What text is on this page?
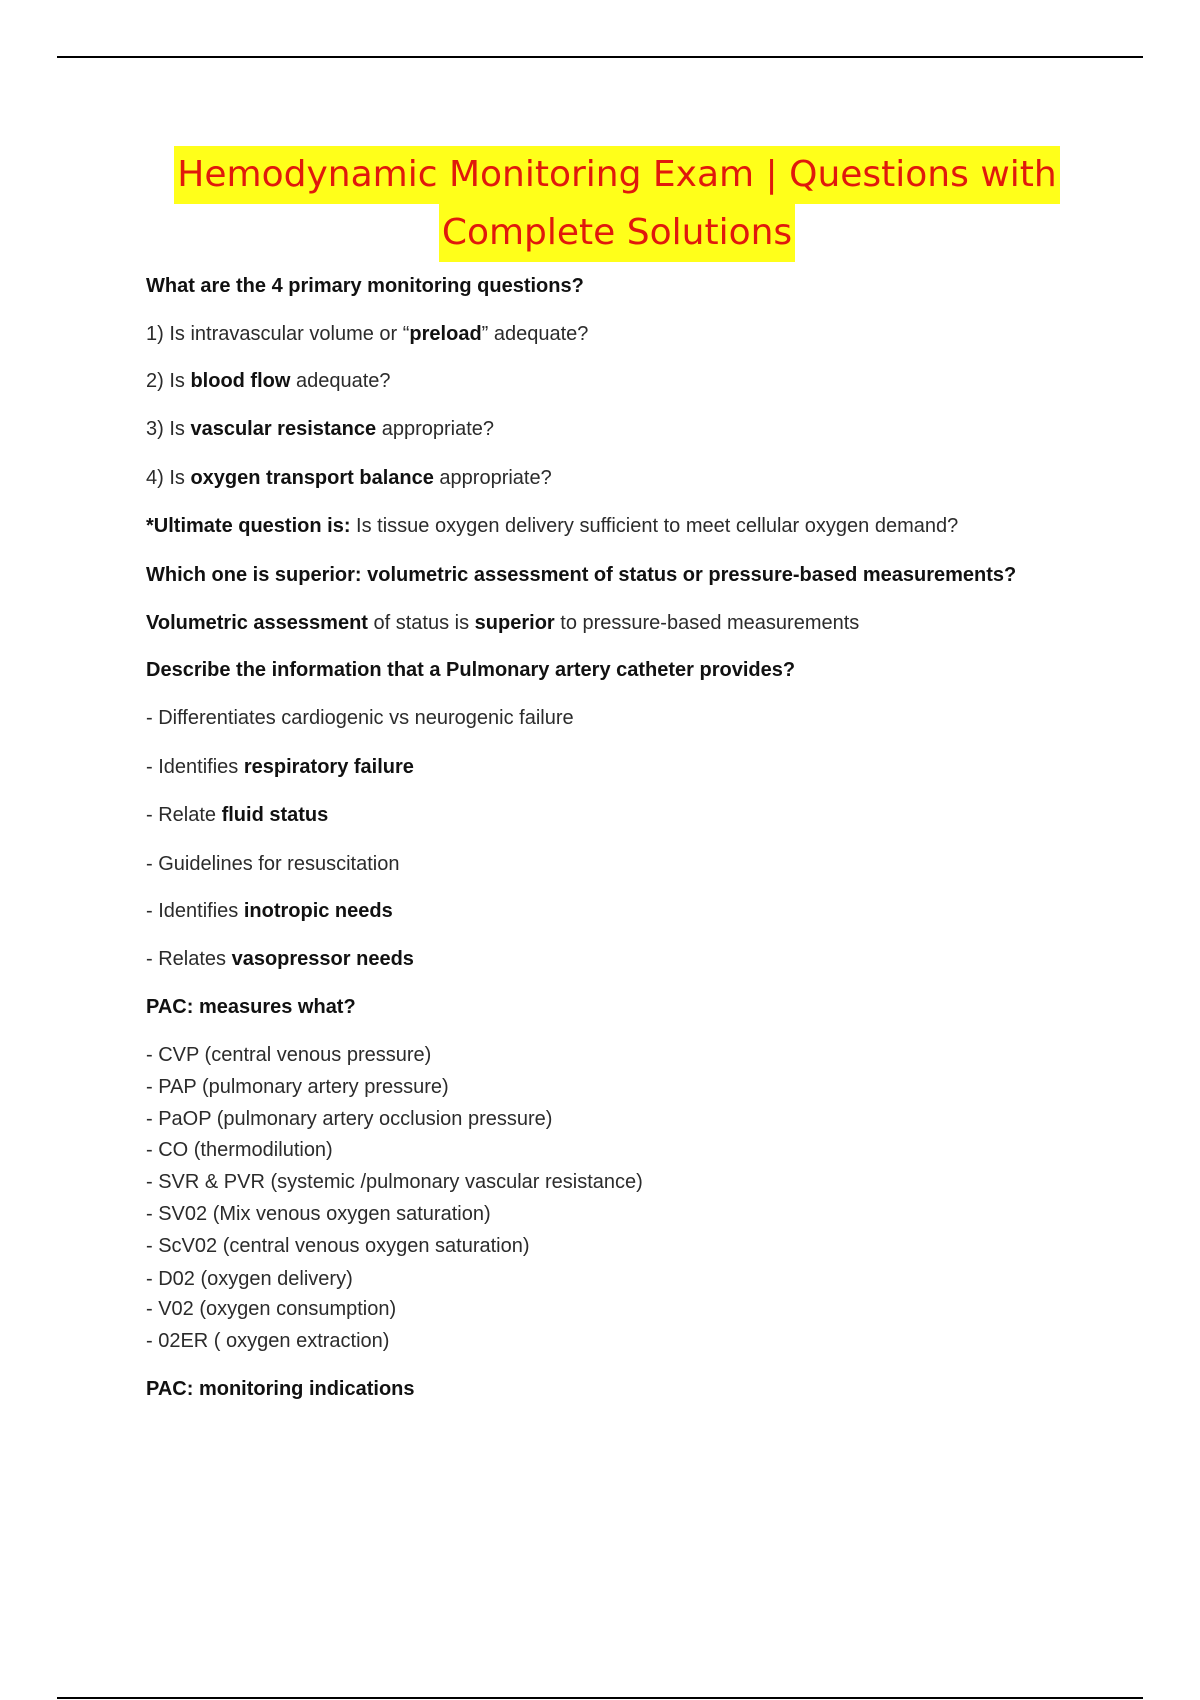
Hemodynamic Monitoring Exam | Questions with
Complete Solutions
What are the 4 primary monitoring questions?
1) Is intravascular volume or “preload” adequate?
2) Is blood flow adequate?
3) Is vascular resistance appropriate?
4) Is oxygen transport balance appropriate?
*Ultimate question is: Is tissue oxygen delivery sufficient to meet cellular oxygen demand?
Which one is superior: volumetric assessment of status or pressure-based measurements?
Volumetric assessment of status is superior to pressure-based measurements
Describe the information that a Pulmonary artery catheter provides?
- Differentiates cardiogenic vs neurogenic failure
- Identifies respiratory failure
- Relate fluid status
- Guidelines for resuscitation
- Identifies inotropic needs
- Relates vasopressor needs
PAC: measures what?
- CVP (central venous pressure)
- PAP (pulmonary artery pressure)
- PaOP (pulmonary artery occlusion pressure)
- CO (thermodilution)
- SVR & PVR (systemic /pulmonary vascular resistance)
- SV02 (Mix venous oxygen saturation)
- ScV02 (central venous oxygen saturation)
- D02 (oxygen delivery)
- V02 (oxygen consumption)
- 02ER ( oxygen extraction)
PAC: monitoring indications
